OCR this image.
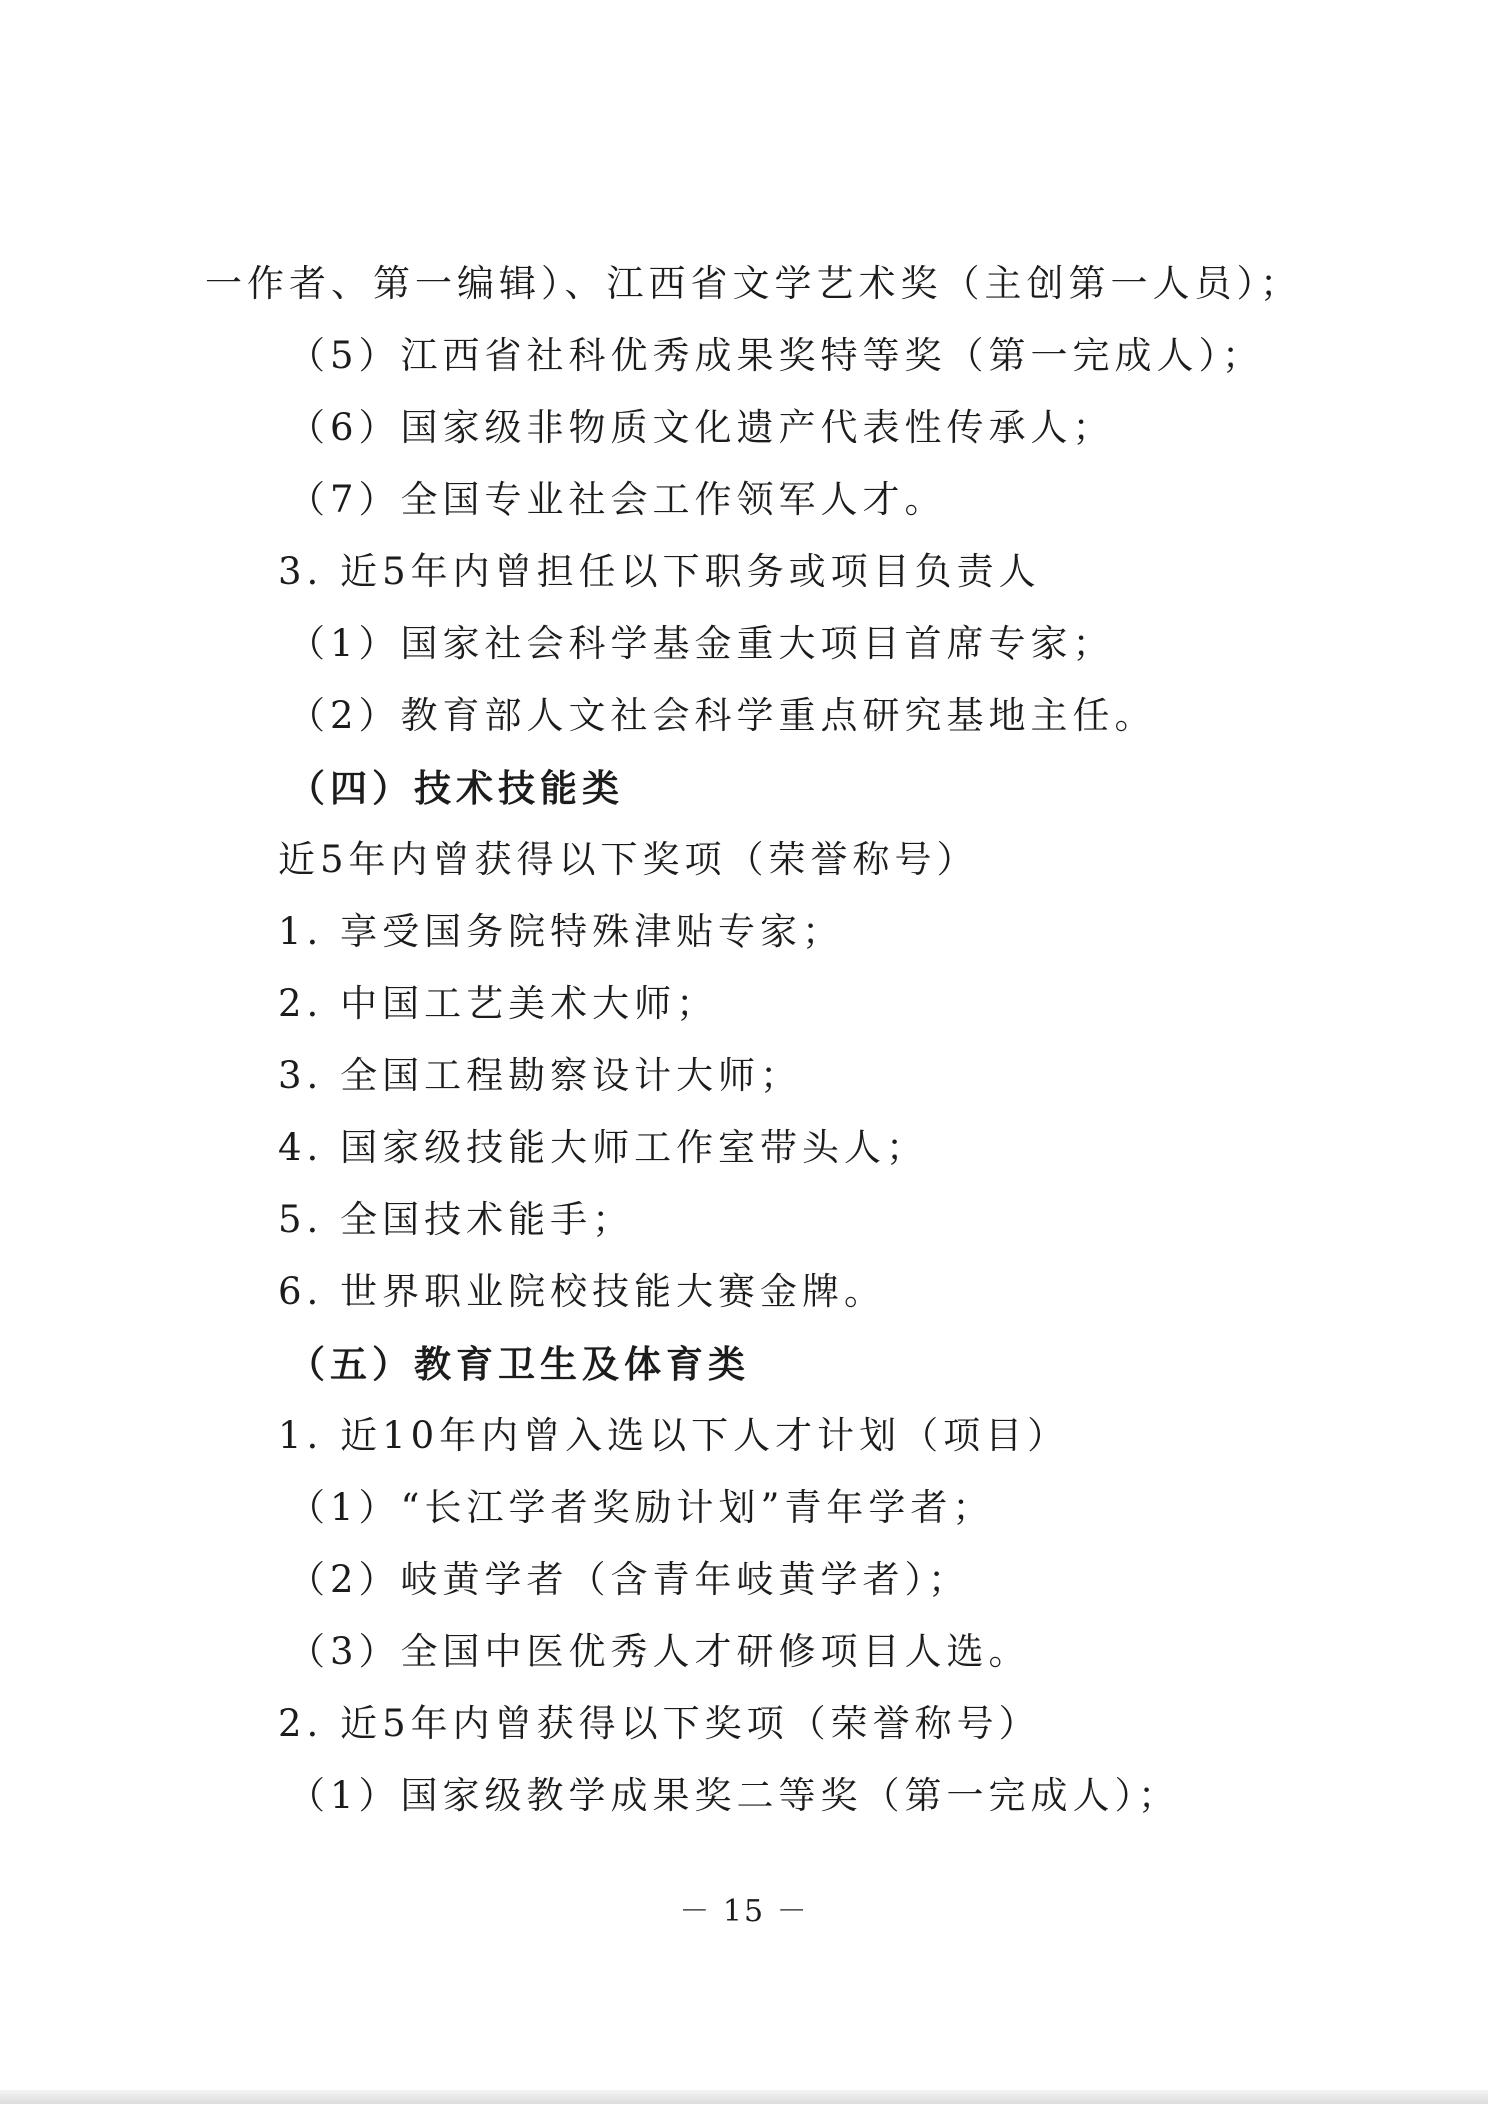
一作者、第一编辑）、江西省文学艺术奖（主创第一人员）；
（5）江西省社科优秀成果奖特等奖（第一完成人）；
（6）国家级非物质文化遗产代表性传承人；
（7）全国专业社会工作领军人才。
3. 近5年内曾担任以下职务或项目负责人
（1）国家社会科学基金重大项目首席专家；
（2）教育部人文社会科学重点研究基地主任。
（四）技术技能类
近5年内曾获得以下奖项（荣誉称号）
1. 享受国务院特殊津贴专家；
2. 中国工艺美术大师；
3. 全国工程勘察设计大师；
4. 国家级技能大师工作室带头人；
5. 全国技术能手；
6. 世界职业院校技能大赛金牌。
（五）教育卫生及体育类
1. 近10年内曾入选以下人才计划（项目）
（1）“长江学者奖励计划”青年学者；
（2）岐黄学者（含青年岐黄学者）；
（3）全国中医优秀人才研修项目人选。
2. 近5年内曾获得以下奖项（荣誉称号）
（1）国家级教学成果奖二等奖（第一完成人）；
－ 15 －
